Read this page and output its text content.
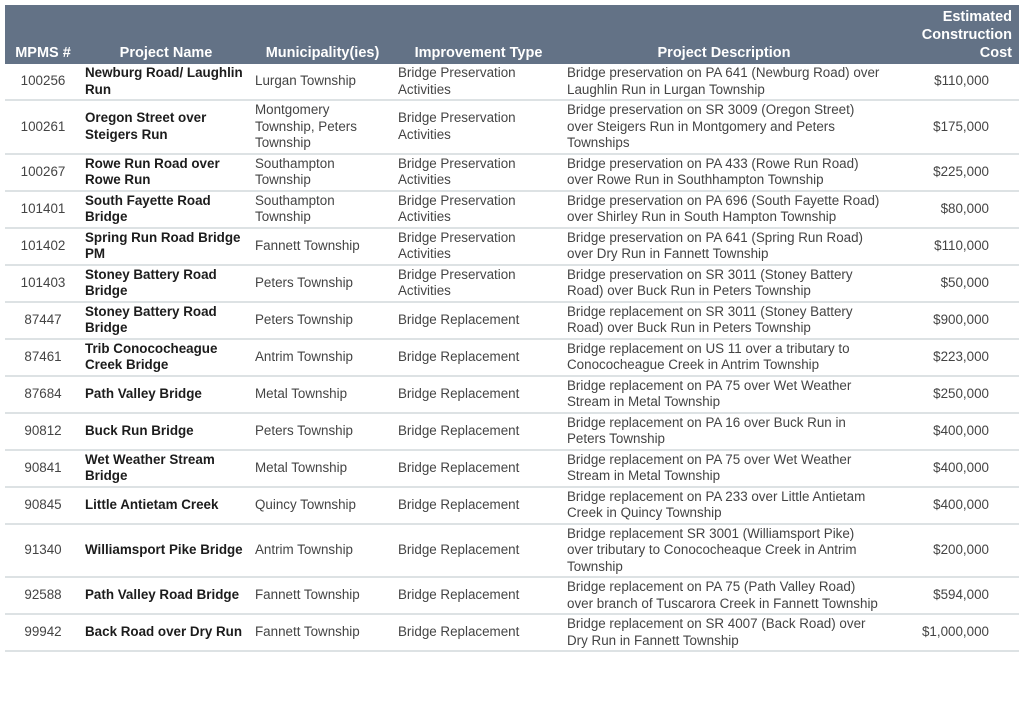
MPMS #	Project Name	Municipality(ies)	Improvement Type	Project Description	Estimated
Construction Cost
100256	Newburg Road/ Laughlin Run	Lurgan Township	Bridge Preservation Activities	Bridge preservation on PA 641 (Newburg Road) over Laughlin Run in Lurgan Township	$110,000
100261	Oregon Street over Steigers Run	Montgomery Township, Peters Township	Bridge Preservation Activities	Bridge preservation on SR 3009 (Oregon Street) over Steigers Run in Montgomery and Peters Townships	$175,000
100267	Rowe Run Road over Rowe Run	Southampton Township	Bridge Preservation Activities	Bridge preservation on PA 433 (Rowe Run Road) over Rowe Run in Southhampton Township	$225,000
101401	South Fayette Road Bridge	Southampton Township	Bridge Preservation Activities	Bridge preservation on PA 696 (South Fayette Road) over Shirley Run in South Hampton Township	$80,000
101402	Spring Run Road Bridge PM	Fannett Township	Bridge Preservation Activities	Bridge preservation on PA 641 (Spring Run Road) over Dry Run in Fannett Township	$110,000
101403	Stoney Battery Road Bridge	Peters Township	Bridge Preservation Activities	Bridge preservation on SR 3011 (Stoney Battery Road) over Buck Run in Peters Township	$50,000
87447	Stoney Battery Road Bridge	Peters Township	Bridge Replacement	Bridge replacement on SR 3011 (Stoney Battery Road) over Buck Run in Peters Township	$900,000
87461	Trib Conococheague Creek Bridge	Antrim Township	Bridge Replacement	Bridge replacement on US 11 over a tributary to Conococheague Creek in Antrim Township	$223,000
87684	Path Valley Bridge	Metal Township	Bridge Replacement	Bridge replacement on PA 75 over Wet Weather Stream in Metal Township	$250,000
90812	Buck Run Bridge	Peters Township	Bridge Replacement	Bridge replacement on PA 16 over Buck Run in Peters Township	$400,000
90841	Wet Weather Stream Bridge	Metal Township	Bridge Replacement	Bridge replacement on PA 75 over Wet Weather Stream in Metal Township	$400,000
90845	Little Antietam Creek	Quincy Township	Bridge Replacement	Bridge replacement on PA 233 over Little Antietam Creek in Quincy Township	$400,000
91340	Williamsport Pike Bridge	Antrim Township	Bridge Replacement	Bridge replacement SR 3001 (Williamsport Pike) over tributary to Conococheaque Creek in Antrim Township	$200,000
92588	Path Valley Road Bridge	Fannett Township	Bridge Replacement	Bridge replacement on PA 75 (Path Valley Road) over branch of Tuscarora Creek in Fannett Township	$594,000
99942	Back Road over Dry Run	Fannett Township	Bridge Replacement	Bridge replacement on SR 4007 (Back Road) over Dry Run in Fannett Township	$1,000,000
